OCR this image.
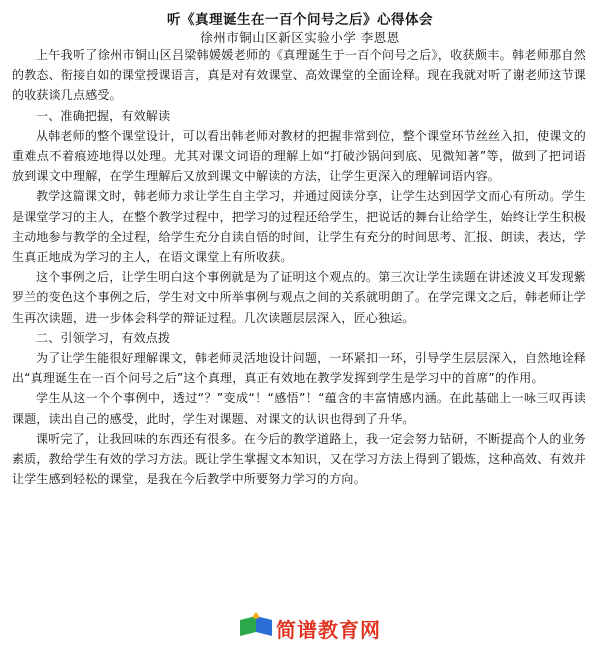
听《真理诞生在一百个问号之后》心得体会
徐州市铜山区新区实验小学 李恩恩

上午我听了徐州市铜山区吕梁韩媛媛老师的《真理诞生于一百个问号之后》，收获颇丰。韩老师那自然的教态、衔接自如的课堂授课语言，真是对有效课堂、高效课堂的全面诠释。现在我就对听了谢老师这节课的收获谈几点感受。

一、准确把握，有效解读

从韩老师的整个课堂设计，可以看出韩老师对教材的把握非常到位，整个课堂环节丝丝入扣，使课文的重难点不着痕迹地得以处理。尤其对课文词语的理解上如“打破沙锅问到底、见微知著”等，做到了把词语放到课文中理解，在学生理解后又放到课文中解读的方法，让学生更深入的理解词语内容。

教学这篇课文时，韩老师力求让学生自主学习，并通过阅读分享，让学生达到因学文而心有所动。学生是课堂学习的主人，在整个教学过程中，把学习的过程还给学生，把说话的舞台让给学生，始终让学生积极主动地参与教学的全过程，给学生充分自读自悟的时间，让学生有充分的时间思考、汇报、朗读，表达，学生真正地成为学习的主人，在语文课堂上有所收获。

这个事例之后，让学生明白这个事例就是为了证明这个观点的。第三次让学生读题在讲述波义耳发现紫罗兰的变色这个事例之后，学生对文中所举事例与观点之间的关系就明朗了。在学完课文之后，韩老师让学生再次读题，进一步体会科学的辩证过程。几次读题层层深入，匠心独运。

二、引领学习，有效点拨

为了让学生能很好理解课文，韩老师灵活地设计问题，一环紧扣一环，引导学生层层深入，自然地诠释出“真理诞生在一百个问号之后”这个真理，真正有效地在教学发挥到学生是学习中的首席”的作用。

学生从这一个个事例中，透过“？”变成“！“感悟”！“蕴含的丰富情感内涵。在此基础上一咏三叹再读课题，读出自己的感受，此时，学生对课题、对课文的认识也得到了升华。

课听完了，让我回味的东西还有很多。在今后的教学道路上，我一定会努力钻研，不断提高个人的业务素质，教给学生有效的学习方法。既让学生掌握文本知识，又在学习方法上得到了锻炼，这种高效、有效并让学生感到轻松的课堂，是我在今后教学中所要努力学习的方向。

简谱教育网
